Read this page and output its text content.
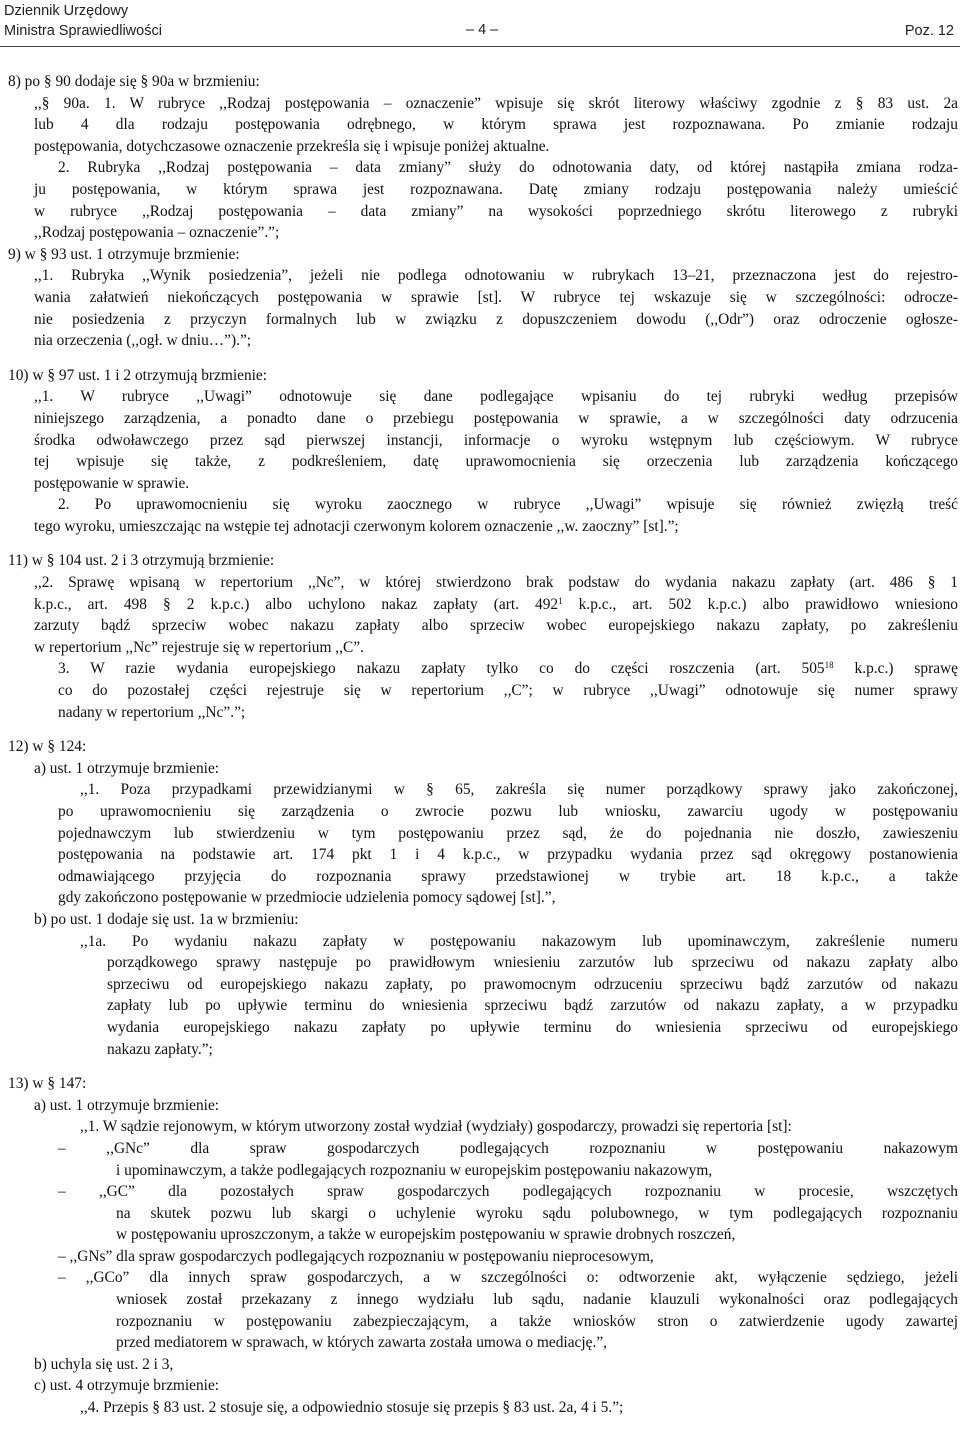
Dziennik Urzędowy
Ministra Sprawiedliwości	– 4 –	Poz. 12
8) po § 90 dodaje się § 90a w brzmieniu:
,,§ 90a. 1. W rubryce ,,Rodzaj postępowania – oznaczenie” wpisuje się skrót literowy właściwy zgodnie z § 83 ust. 2a
lub 4 dla rodzaju postępowania odrębnego, w którym sprawa jest rozpoznawana. Po zmianie rodzaju
postępowania, dotychczasowe oznaczenie przekreśla się i wpisuje poniżej aktualne.
2. Rubryka ,,Rodzaj postępowania – data zmiany” służy do odnotowania daty, od której nastąpiła zmiana rodza-
ju postępowania, w którym sprawa jest rozpoznawana. Datę zmiany rodzaju postępowania należy umieścić
w rubryce ,,Rodzaj postępowania – data zmiany” na wysokości poprzedniego skrótu literowego z rubryki
,,Rodzaj postępowania – oznaczenie”.”;
9) w § 93 ust. 1 otrzymuje brzmienie:
,,1. Rubryka ,,Wynik posiedzenia”, jeżeli nie podlega odnotowaniu w rubrykach 13–21, przeznaczona jest do rejestro-
wania załatwień niekończących postępowania w sprawie [st]. W rubryce tej wskazuje się w szczególności: odrocze-
nie posiedzenia z przyczyn formalnych lub w związku z dopuszczeniem dowodu (,,Odr”) oraz odroczenie ogłosze-
nia orzeczenia (,,ogł. w dniu…”).”;
10) w § 97 ust. 1 i 2 otrzymują brzmienie:
,,1. W rubryce ,,Uwagi” odnotowuje się dane podlegające wpisaniu do tej rubryki według przepisów
niniejszego zarządzenia, a ponadto dane o przebiegu postępowania w sprawie, a w szczególności daty odrzucenia
środka odwoławczego przez sąd pierwszej instancji, informacje o wyroku wstępnym lub częściowym. W rubryce
tej wpisuje się także, z podkreśleniem, datę uprawomocnienia się orzeczenia lub zarządzenia kończącego
postępowanie w sprawie.
2. Po uprawomocnieniu się wyroku zaocznego w rubryce ,,Uwagi” wpisuje się również zwięzłą treść
tego wyroku, umieszczając na wstępie tej adnotacji czerwonym kolorem oznaczenie ,,w. zaoczny” [st].”;
11) w § 104 ust. 2 i 3 otrzymują brzmienie:
,,2. Sprawę wpisaną w repertorium ,,Nc”, w której stwierdzono brak podstaw do wydania nakazu zapłaty (art. 486 § 1
k.p.c., art. 498 § 2 k.p.c.) albo uchylono nakaz zapłaty (art. $492^1$ k.p.c., art. 502 k.p.c.) albo prawidłowo wniesiono
zarzuty bądź sprzeciw wobec nakazu zapłaty albo sprzeciw wobec europejskiego nakazu zapłaty, po zakreśleniu
w repertorium ,,Nc” rejestruje się w repertorium ,,C”.
3. W razie wydania europejskiego nakazu zapłaty tylko co do części roszczenia (art. $505^{18}$ k.p.c.) sprawę
co do pozostałej części rejestruje się w repertorium ,,C”; w rubryce ,,Uwagi” odnotowuje się numer sprawy
nadany w repertorium ,,Nc”.”;
12) w § 124:
a) ust. 1 otrzymuje brzmienie:
,,1. Poza przypadkami przewidzianymi w § 65, zakreśla się numer porządkowy sprawy jako zakończonej,
po uprawomocnieniu się zarządzenia o zwrocie pozwu lub wniosku, zawarciu ugody w postępowaniu
pojednawczym lub stwierdzeniu w tym postępowaniu przez sąd, że do pojednania nie doszło, zawieszeniu
postępowania na podstawie art. 174 pkt 1 i 4 k.p.c., w przypadku wydania przez sąd okręgowy postanowienia
odmawiającego przyjęcia do rozpoznania sprawy przedstawionej w trybie art. 18 k.p.c., a także
gdy zakończono postępowanie w przedmiocie udzielenia pomocy sądowej [st].”,
b) po ust. 1 dodaje się ust. 1a w brzmieniu:
,,1a. Po wydaniu nakazu zapłaty w postępowaniu nakazowym lub upominawczym, zakreślenie numeru
porządkowego sprawy następuje po prawidłowym wniesieniu zarzutów lub sprzeciwu od nakazu zapłaty albo
sprzeciwu od europejskiego nakazu zapłaty, po prawomocnym odrzuceniu sprzeciwu bądź zarzutów od nakazu
zapłaty lub po upływie terminu do wniesienia sprzeciwu bądź zarzutów od nakazu zapłaty, a w przypadku
wydania europejskiego nakazu zapłaty po upływie terminu do wniesienia sprzeciwu od europejskiego
nakazu zapłaty.”;
13) w § 147:
a) ust. 1 otrzymuje brzmienie:
,,1. W sądzie rejonowym, w którym utworzony został wydział (wydziały) gospodarczy, prowadzi się repertoria [st]:
– ,,GNc” dla spraw gospodarczych podlegających rozpoznaniu w postępowaniu nakazowym
i upominawczym, a także podlegających rozpoznaniu w europejskim postępowaniu nakazowym,
– ,,GC” dla pozostałych spraw gospodarczych podlegających rozpoznaniu w procesie, wszczętych
na skutek pozwu lub skargi o uchylenie wyroku sądu polubownego, w tym podlegających rozpoznaniu
w postępowaniu uproszczonym, a także w europejskim postępowaniu w sprawie drobnych roszczeń,
– ,,GNs” dla spraw gospodarczych podlegających rozpoznaniu w postępowaniu nieprocesowym,
– ,,GCo” dla innych spraw gospodarczych, a w szczególności o: odtworzenie akt, wyłączenie sędziego, jeżeli
wniosek został przekazany z innego wydziału lub sądu, nadanie klauzuli wykonalności oraz podlegających
rozpoznaniu w postępowaniu zabezpieczającym, a także wniosków stron o zatwierdzenie ugody zawartej
przed mediatorem w sprawach, w których zawarta została umowa o mediację.”,
b) uchyla się ust. 2 i 3,
c) ust. 4 otrzymuje brzmienie:
,,4. Przepis § 83 ust. 2 stosuje się, a odpowiednio stosuje się przepis § 83 ust. 2a, 4 i 5.”;
